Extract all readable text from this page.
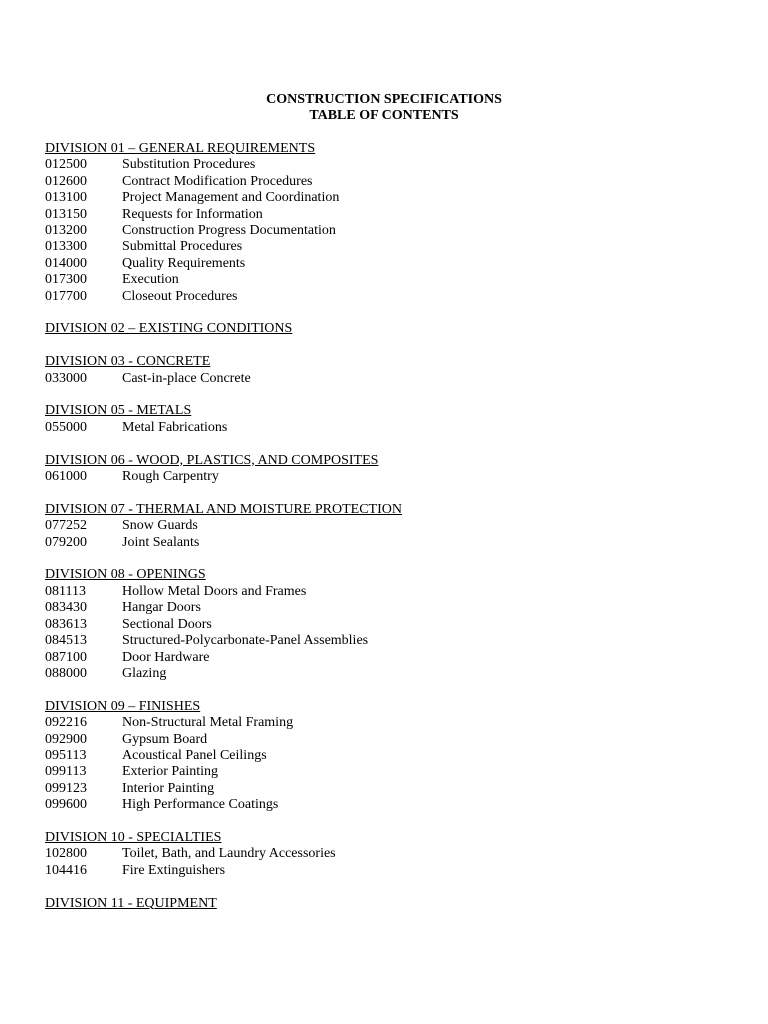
CONSTRUCTION SPECIFICATIONS
TABLE OF CONTENTS
DIVISION 01 – GENERAL REQUIREMENTS
012500	Substitution Procedures
012600	Contract Modification Procedures
013100	Project Management and Coordination
013150	Requests for Information
013200	Construction Progress Documentation
013300	Submittal Procedures
014000	Quality Requirements
017300	Execution
017700	Closeout Procedures
DIVISION 02 – EXISTING CONDITIONS
DIVISION 03 - CONCRETE
033000	Cast-in-place Concrete
DIVISION 05 - METALS
055000	Metal Fabrications
DIVISION 06 - WOOD, PLASTICS, AND COMPOSITES
061000	Rough Carpentry
DIVISION 07 - THERMAL AND MOISTURE PROTECTION
077252	Snow Guards
079200	Joint Sealants
DIVISION 08 - OPENINGS
081113	Hollow Metal Doors and Frames
083430	Hangar Doors
083613	Sectional Doors
084513	Structured-Polycarbonate-Panel Assemblies
087100	Door Hardware
088000	Glazing
DIVISION 09 – FINISHES
092216	Non-Structural Metal Framing
092900	Gypsum Board
095113	Acoustical Panel Ceilings
099113	Exterior Painting
099123	Interior Painting
099600	High Performance Coatings
DIVISION 10 - SPECIALTIES
102800	Toilet, Bath, and Laundry Accessories
104416	Fire Extinguishers
DIVISION 11 - EQUIPMENT
